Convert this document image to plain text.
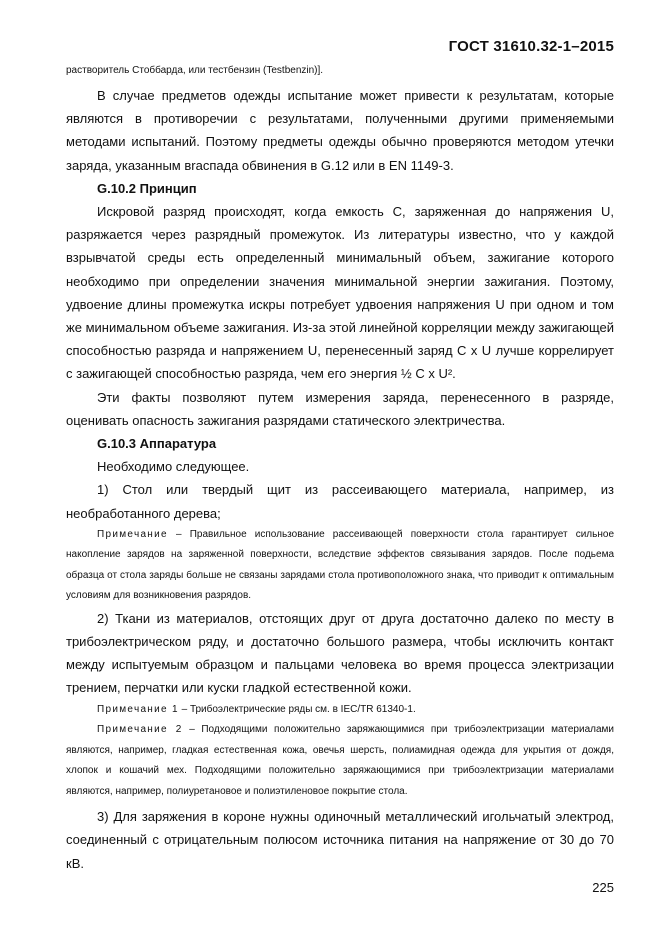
ГОСТ 31610.32-1–2015

растворитель Стоббарда, или тестбензин (Testbenzin)].

В случае предметов одежды испытание может привести к результатам, которые являются в противоречии с результатами, полученными другими применяемыми методами испытаний. Поэтому предметы одежды обычно проверяются методом утечки заряда, указанным вraспада обвинения в G.12 или в EN 1149-3.

G.10.2 Принцип

Искровой разряд происходят, когда емкость С, заряженная до напряжения U, разряжается через разрядный промежуток. Из литературы известно, что у каждой взрывчатой среды есть определенный минимальный объем, зажигание которого необходимо при определении значения минимальной энергии зажигания. Поэтому, удвоение длины промежутка искры потребует удвоения напряжения U при одном и том же минимальном объеме зажигания. Из-за этой линейной корреляции между зажигающей способностью разряда и напряжением U, перенесенный заряд C x U лучше коррелирует с зажигающей способностью разряда, чем его энергия ½ C x U².

Эти факты позволяют путем измерения заряда, перенесенного в разряде, оценивать опасность зажигания разрядами статического электричества.

G.10.3 Аппаратура

Необходимо следующее.

1) Стол или твердый щит из рассеивающего материала, например, из необработанного дерева;

Примечание – Правильное использование рассеивающей поверхности стола гарантирует сильное накопление зарядов на заряженной поверхности, вследствие эффектов связывания зарядов. После подьема образца от стола заряды больше не связаны зарядами стола противоположного знака, что приводит к оптимальным условиям для возникновения разрядов.

2) Ткани из материалов, отстоящих друг от друга достаточно далеко по месту в трибоэлектрическом ряду, и достаточно большого размера, чтобы исключить контакт между испытуемым образцом и пальцами человека во время процесса электризации трением, перчатки или куски гладкой естественной кожи.

Примечание 1 – Трибоэлектрические ряды см. в IEC/TR 61340-1.

Примечание 2 – Подходящими положительно заряжающимися при трибоэлектризации материалами являются, например, гладкая естественная кожа, овечья шерсть, полиамидная одежда для укрытия от дождя, хлопок и кошачий мех. Подходящими положительно заряжающимися при трибоэлектризации материалами являются, например, полиуретановое и полиэтиленовое покрытие стола.

3) Для заряжения в короне нужны одиночный металлический игольчатый электрод, соединенный с отрицательным полюсом источника питания на напряжение от 30 до 70 кВ.

225
